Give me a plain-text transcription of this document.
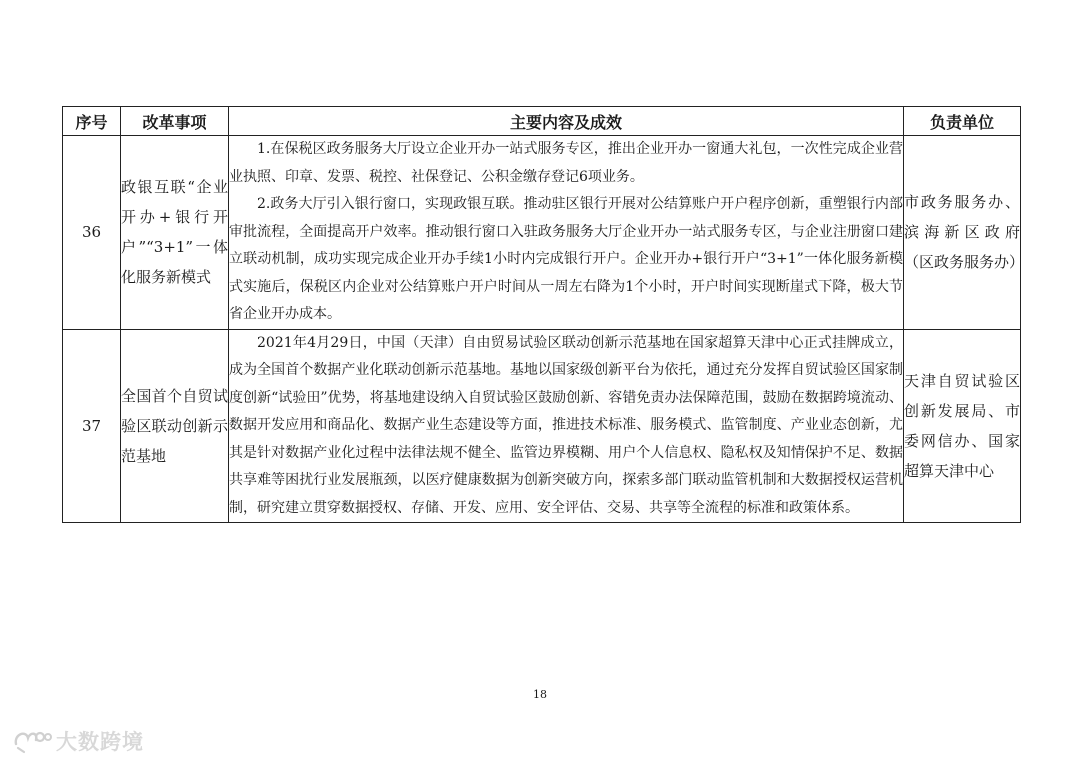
序号	改革事项	主要内容及成效	负责单位
36	政银互联“企业开办+银行开户”“3+1”一体化服务新模式	1.在保税区政务服务大厅设立企业开办一站式服务专区，推出企业开办一窗通大礼包，一次性完成企业营业执照、印章、发票、税控、社保登记、公积金缴存登记6项业务。

2.政务大厅引入银行窗口，实现政银互联。推动驻区银行开展对公结算账户开户程序创新，重塑银行内部审批流程，全面提高开户效率。推动银行窗口入驻政务服务大厅企业开办一站式服务专区，与企业注册窗口建立联动机制，成功实现完成企业开办手续1小时内完成银行开户。企业开办+银行开户“3+1”一体化服务新模式实施后，保税区内企业对公结算账户开户时间从一周左右降为1个小时，开户时间实现断崖式下降，极大节省企业开办成本。	市政务服务办、滨海新区政府（区政务服务办）
37	全国首个自贸试验区联动创新示范基地	2021年4月29日，中国（天津）自由贸易试验区联动创新示范基地在国家超算天津中心正式挂牌成立，成为全国首个数据产业化联动创新示范基地。基地以国家级创新平台为依托，通过充分发挥自贸试验区国家制度创新“试验田”优势，将基地建设纳入自贸试验区鼓励创新、容错免责办法保障范围，鼓励在数据跨境流动、数据开发应用和商品化、数据产业生态建设等方面，推进技术标准、服务模式、监管制度、产业业态创新，尤其是针对数据产业化过程中法律法规不健全、监管边界模糊、用户个人信息权、隐私权及知情保护不足、数据共享难等困扰行业发展瓶颈，以医疗健康数据为创新突破方向，探索多部门联动监管机制和大数据授权运营机制，研究建立贯穿数据授权、存储、开发、应用、安全评估、交易、共享等全流程的标准和政策体系。	天津自贸试验区创新发展局、市委网信办、国家超算天津中心
18
大数跨境
